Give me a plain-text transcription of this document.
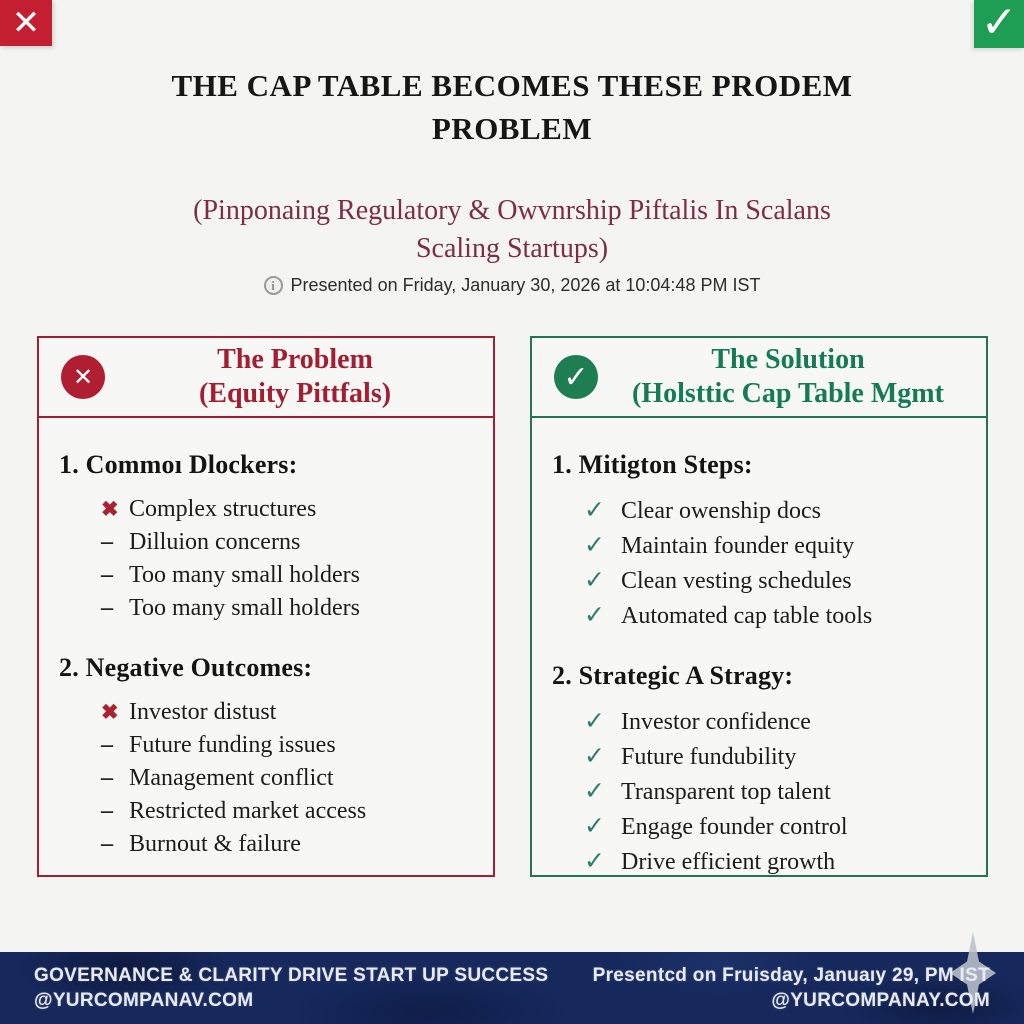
✕	✓
THE CAP TABLE BECOMES THESE PRODEM
PROBLEM
(Pinponaing Regulatory & Owvnrship Piftalis In Scalans
Scaling Startups)
i Presented on Friday, January 30, 2026 at 10:04:48 PM IST
✕
The Problem
(Equity Pittfals)
1. Commoı Dlockers:
✖ Complex structures
– Dilluion concerns
– Too many small holders
– Too many small holders
2. Negative Outcomes:
✖ Investor distust
– Future funding issues
– Management conflict
– Restricted market access
– Burnout & failure
✓
The Solution
(Holsttic Cap Table Mgmt
1. Mitigton Steps:
✓ Clear owenship docs
✓ Maintain founder equity
✓ Clean vesting schedules
✓ Automated cap table tools
2. Strategic A Stragy:
✓ Investor confidence
✓ Future fundubility
✓ Transparent top talent
✓ Engage founder control
✓ Drive efficient growth
GOVERNANCE & CLARITY DRIVE START UP SUCCESS
@YURCOMPANAV.COM
Presentcd on Fruisday, Januaıy 29, PM IST
@YURCOMPANAY.COM
